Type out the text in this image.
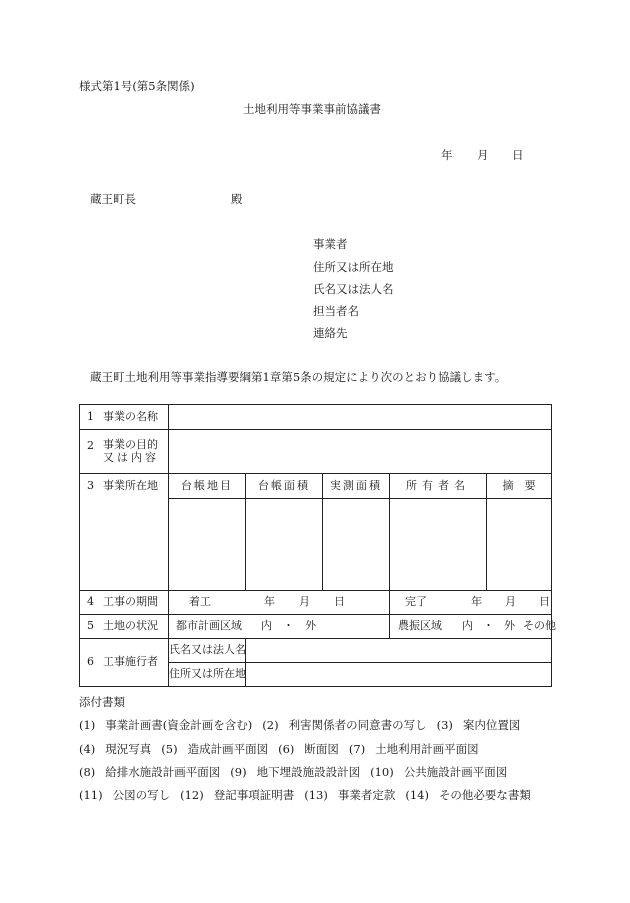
様式第1号(第5条関係)
土地利用等事業事前協議書
年 月 日
蔵王町長	殿
事業者
住所又は所在地
氏名又は法人名
担当者名
連絡先
蔵王町土地利用等事業指導要綱第1章第5条の規定により次のとおり協議します。
1 事業の名称					

2 事業の目的
又は内容					

3 事業所在地	台帳地目	台帳面積	実測面積	所有者名	摘　要

4 工事の期間	着工 年 月 日			完了 年 月 日	
5 土地の状況	都市計画区域 内 ・ 外			農振区域 内 ・ 外 その他	
6 工事施行者	氏名又は法人名				
	住所又は所在地				
添付書類
(1) 事業計画書(資金計画を含む) (2) 利害関係者の同意書の写し (3) 案内位置図
(4) 現況写真 (5) 造成計画平面図 (6) 断面図 (7) 土地利用計画平面図
(8) 給排水施設計画平面図 (9) 地下埋設施設設計図 (10) 公共施設計画平面図
(11) 公図の写し (12) 登記事項証明書 (13) 事業者定款 (14) その他必要な書類
